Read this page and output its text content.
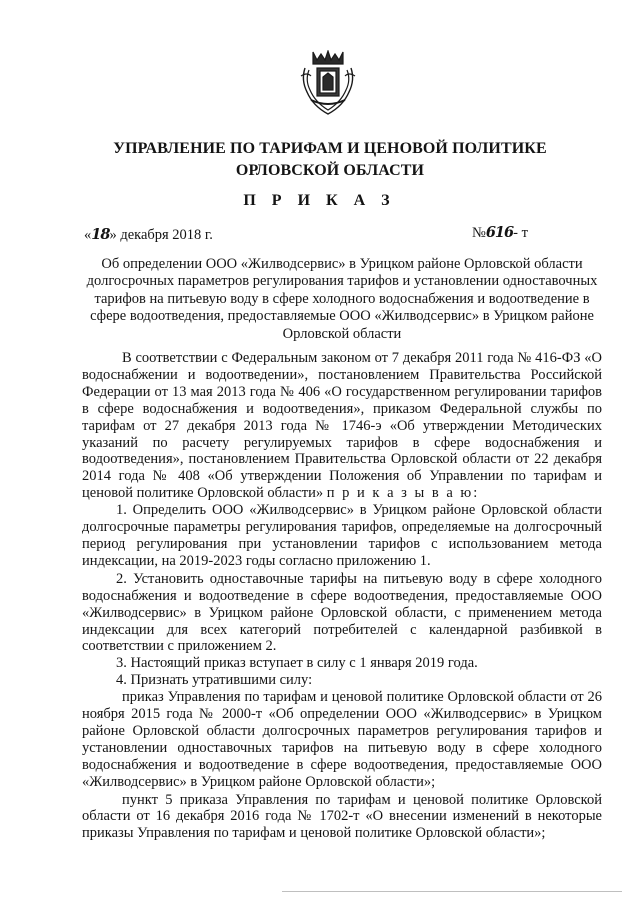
УПРАВЛЕНИЕ ПО ТАРИФАМ И ЦЕНОВОЙ ПОЛИТИКЕ
ОРЛОВСКОЙ ОБЛАСТИ
П Р И К А З
«18» декабря 2018 г.	№616- т
Об определении ООО «Жилводсервис» в Урицком районе Орловской области долгосрочных параметров регулирования тарифов и установлении одноставочных тарифов на питьевую воду в сфере холодного водоснабжения и водоотведение в сфере водоотведения, предоставляемые ООО «Жилводсервис» в Урицком районе Орловской области

В соответствии с Федеральным законом от 7 декабря 2011 года № 416-ФЗ «О водоснабжении и водоотведении», постановлением Правительства Российской Федерации от 13 мая 2013 года № 406 «О государственном регулировании тарифов в сфере водоснабжения и водоотведения», приказом Федеральной службы по тарифам от 27 декабря 2013 года № 1746-э «Об утверждении Методических указаний по расчету регулируемых тарифов в сфере водоснабжения и водоотведения», постановлением Правительства Орловской области от 22 декабря 2014 года № 408 «Об утверждении Положения об Управлении по тарифам и ценовой политике Орловской области» п р и к а з ы в а ю:

1. Определить ООО «Жилводсервис» в Урицком районе Орловской области долгосрочные параметры регулирования тарифов, определяемые на долгосрочный период регулирования при установлении тарифов с использованием метода индексации, на 2019-2023 годы согласно приложению 1.

2. Установить одноставочные тарифы на питьевую воду в сфере холодного водоснабжения и водоотведение в сфере водоотведения, предоставляемые ООО «Жилводсервис» в Урицком районе Орловской области, с применением метода индексации для всех категорий потребителей с календарной разбивкой в соответствии с приложением 2.

3. Настоящий приказ вступает в силу с 1 января 2019 года.

4. Признать утратившими силу:

приказ Управления по тарифам и ценовой политике Орловской области от 26 ноября 2015 года № 2000-т «Об определении ООО «Жилводсервис» в Урицком районе Орловской области долгосрочных параметров регулирования тарифов и установлении одноставочных тарифов на питьевую воду в сфере холодного водоснабжения и водоотведение в сфере водоотведения, предоставляемые ООО «Жилводсервис» в Урицком районе Орловской области»;

пункт 5 приказа Управления по тарифам и ценовой политике Орловской области от 16 декабря 2016 года № 1702-т «О внесении изменений в некоторые приказы Управления по тарифам и ценовой политике Орловской области»;
